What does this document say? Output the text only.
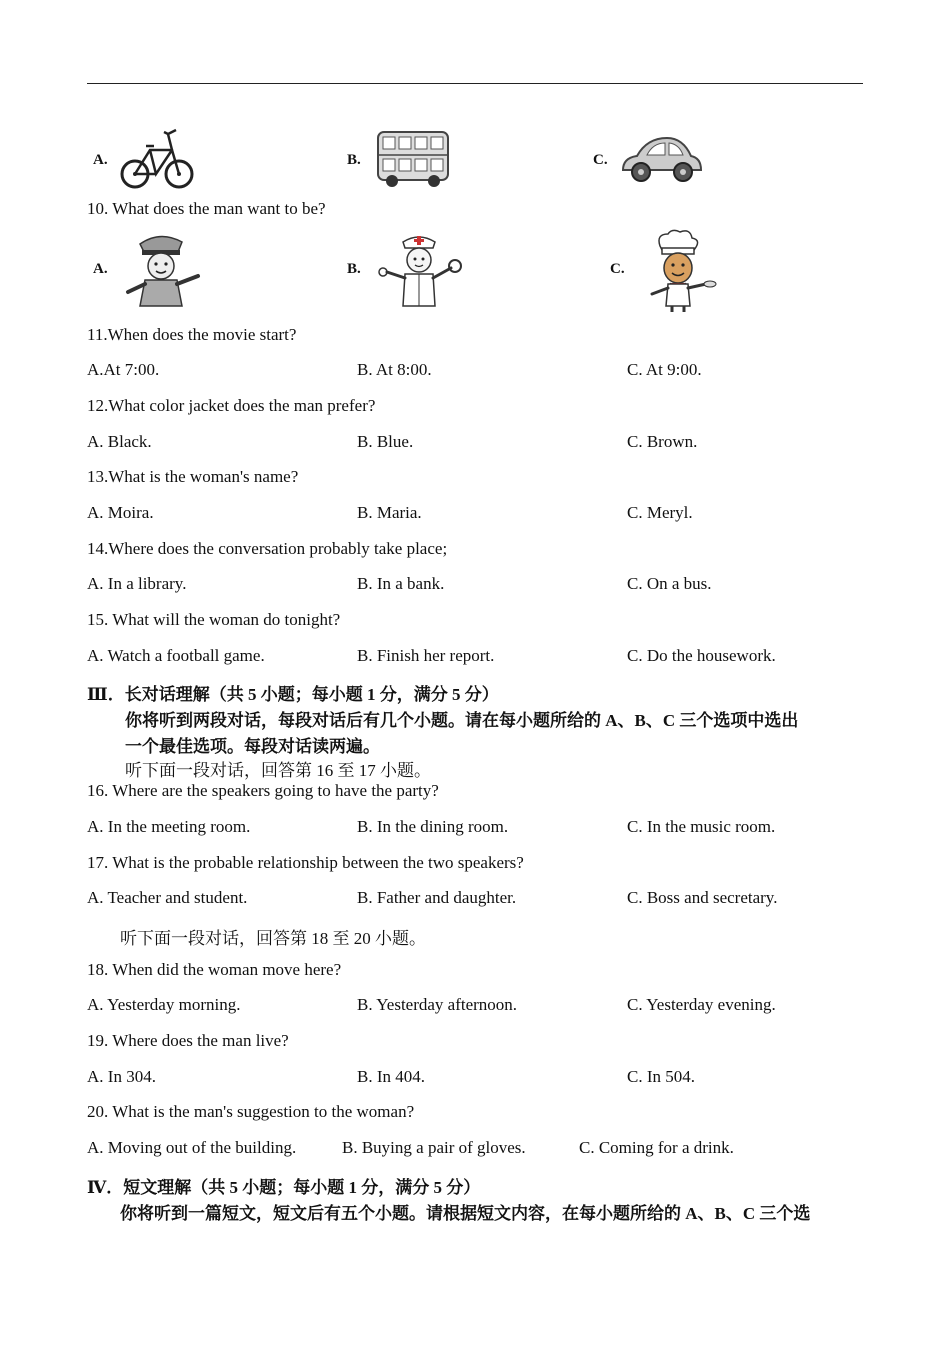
A.	B.	C.
10. What does the man want to be?
A.	B.	C.
11.When does the movie start?
A.At 7:00.	B. At 8:00.	C. At 9:00.
12.What color jacket does the man prefer?
A. Black.	B. Blue.	C. Brown.
13.What is the woman's name?
A. Moira.	B. Maria.	C. Meryl.
14.Where does the conversation probably take place;
A. In a library.	B. In a bank.	C. On a bus.
15. What will the woman do tonight?
A. Watch a football game.	B. Finish her report.	C. Do the housework.
Ⅲ．长对话理解（共 5 小题；每小题 1 分，满分 5 分）
你将听到两段对话，每段对话后有几个小题。请在每小题所给的 A、B、C 三个选项中选出
一个最佳选项。每段对话读两遍。
听下面一段对话，回答第 16 至 17 小题。
16. Where are the speakers going to have the party?
A. In the meeting room.	B. In the dining room.	C. In the music room.
17. What is the probable relationship between the two speakers?
A. Teacher and student.	B. Father and daughter.	C. Boss and secretary.
听下面一段对话，回答第 18 至 20 小题。
18. When did the woman move here?
A. Yesterday morning.	B. Yesterday afternoon.	C. Yesterday evening.
19. Where does the man live?
A. In 304.	B. In 404.	C. In 504.
20. What is the man's suggestion to the woman?
A. Moving out of the building.	B. Buying a pair of gloves.	C. Coming for a drink.
Ⅳ．短文理解（共 5 小题；每小题 1 分，满分 5 分）
你将听到一篇短文，短文后有五个小题。请根据短文内容，在每小题所给的 A、B、C 三个选
